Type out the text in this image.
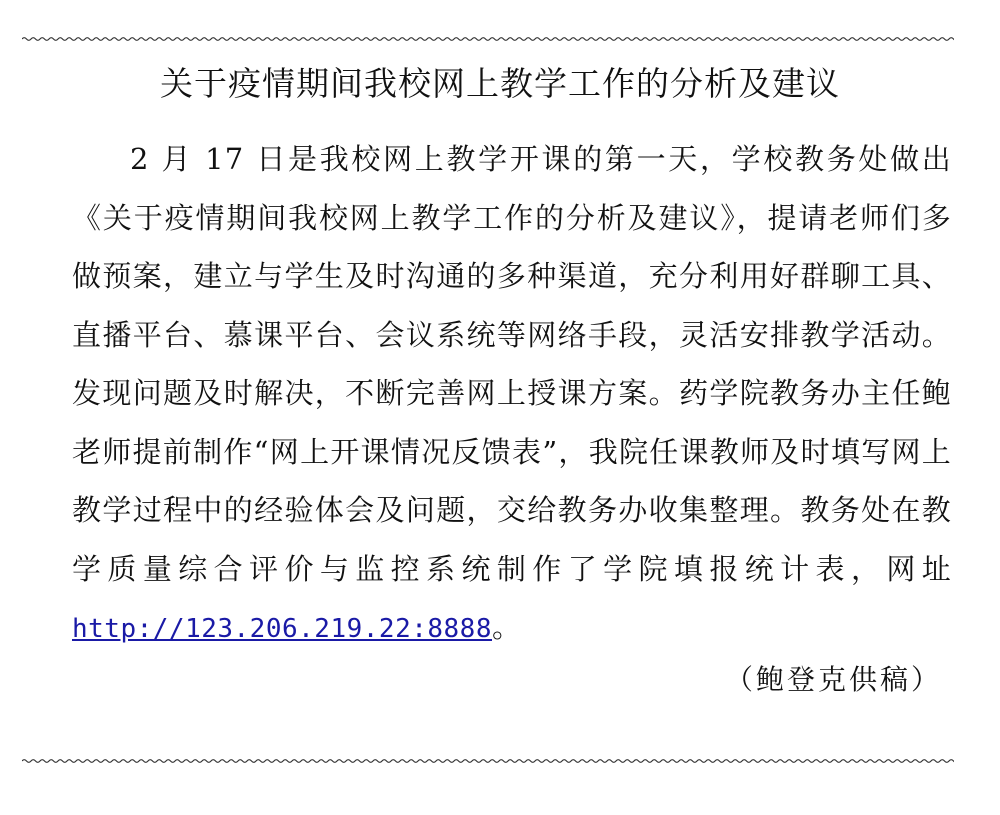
关于疫情期间我校网上教学工作的分析及建议

2 月 17 日是我校网上教学开课的第一天，学校教务处做出《关于疫情期间我校网上教学工作的分析及建议》，提请老师们多做预案，建立与学生及时沟通的多种渠道，充分利用好群聊工具、直播平台、慕课平台、会议系统等网络手段，灵活安排教学活动。发现问题及时解决，不断完善网上授课方案。药学院教务办主任鲍老师提前制作“网上开课情况反馈表”，我院任课教师及时填写网上教学过程中的经验体会及问题，交给教务办收集整理。教务处在教学质量综合评价与监控系统制作了学院填报统计表，网址 http://123.206.219.22:8888。

（鲍登克供稿）
